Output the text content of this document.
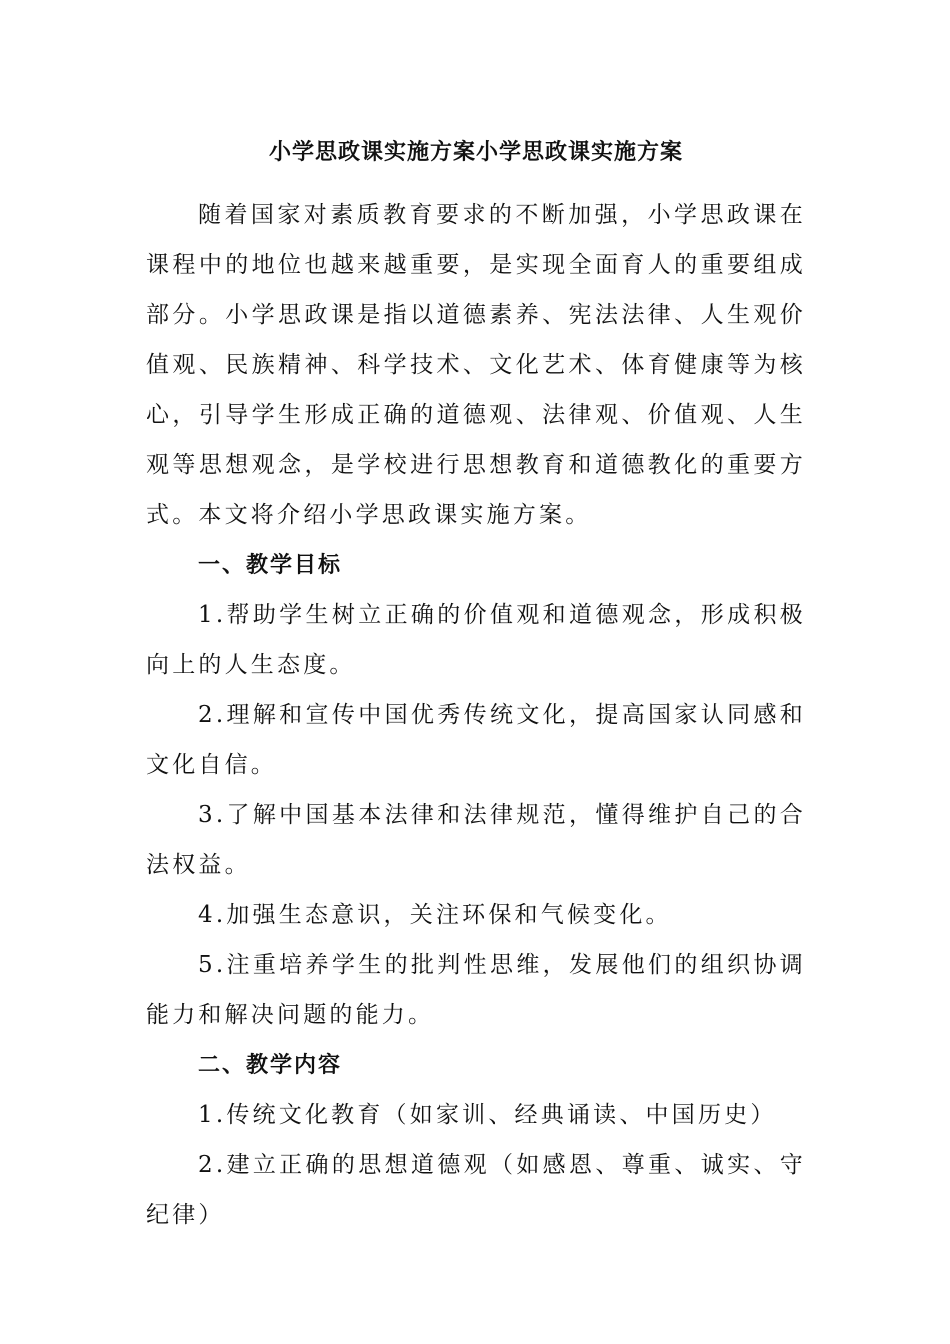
小学思政课实施方案小学思政课实施方案

随着国家对素质教育要求的不断加强，小学思政课在课程中的地位也越来越重要，是实现全面育人的重要组成部分。小学思政课是指以道德素养、宪法法律、人生观价值观、民族精神、科学技术、文化艺术、体育健康等为核心，引导学生形成正确的道德观、法律观、价值观、人生观等思想观念，是学校进行思想教育和道德教化的重要方式。本文将介绍小学思政课实施方案。

一、教学目标

1.帮助学生树立正确的价值观和道德观念，形成积极向上的人生态度。

2.理解和宣传中国优秀传统文化，提高国家认同感和文化自信。

3.了解中国基本法律和法律规范，懂得维护自己的合法权益。

4.加强生态意识，关注环保和气候变化。

5.注重培养学生的批判性思维，发展他们的组织协调能力和解决问题的能力。

二、教学内容

1.传统文化教育（如家训、经典诵读、中国历史）

2.建立正确的思想道德观（如感恩、尊重、诚实、守纪律）
